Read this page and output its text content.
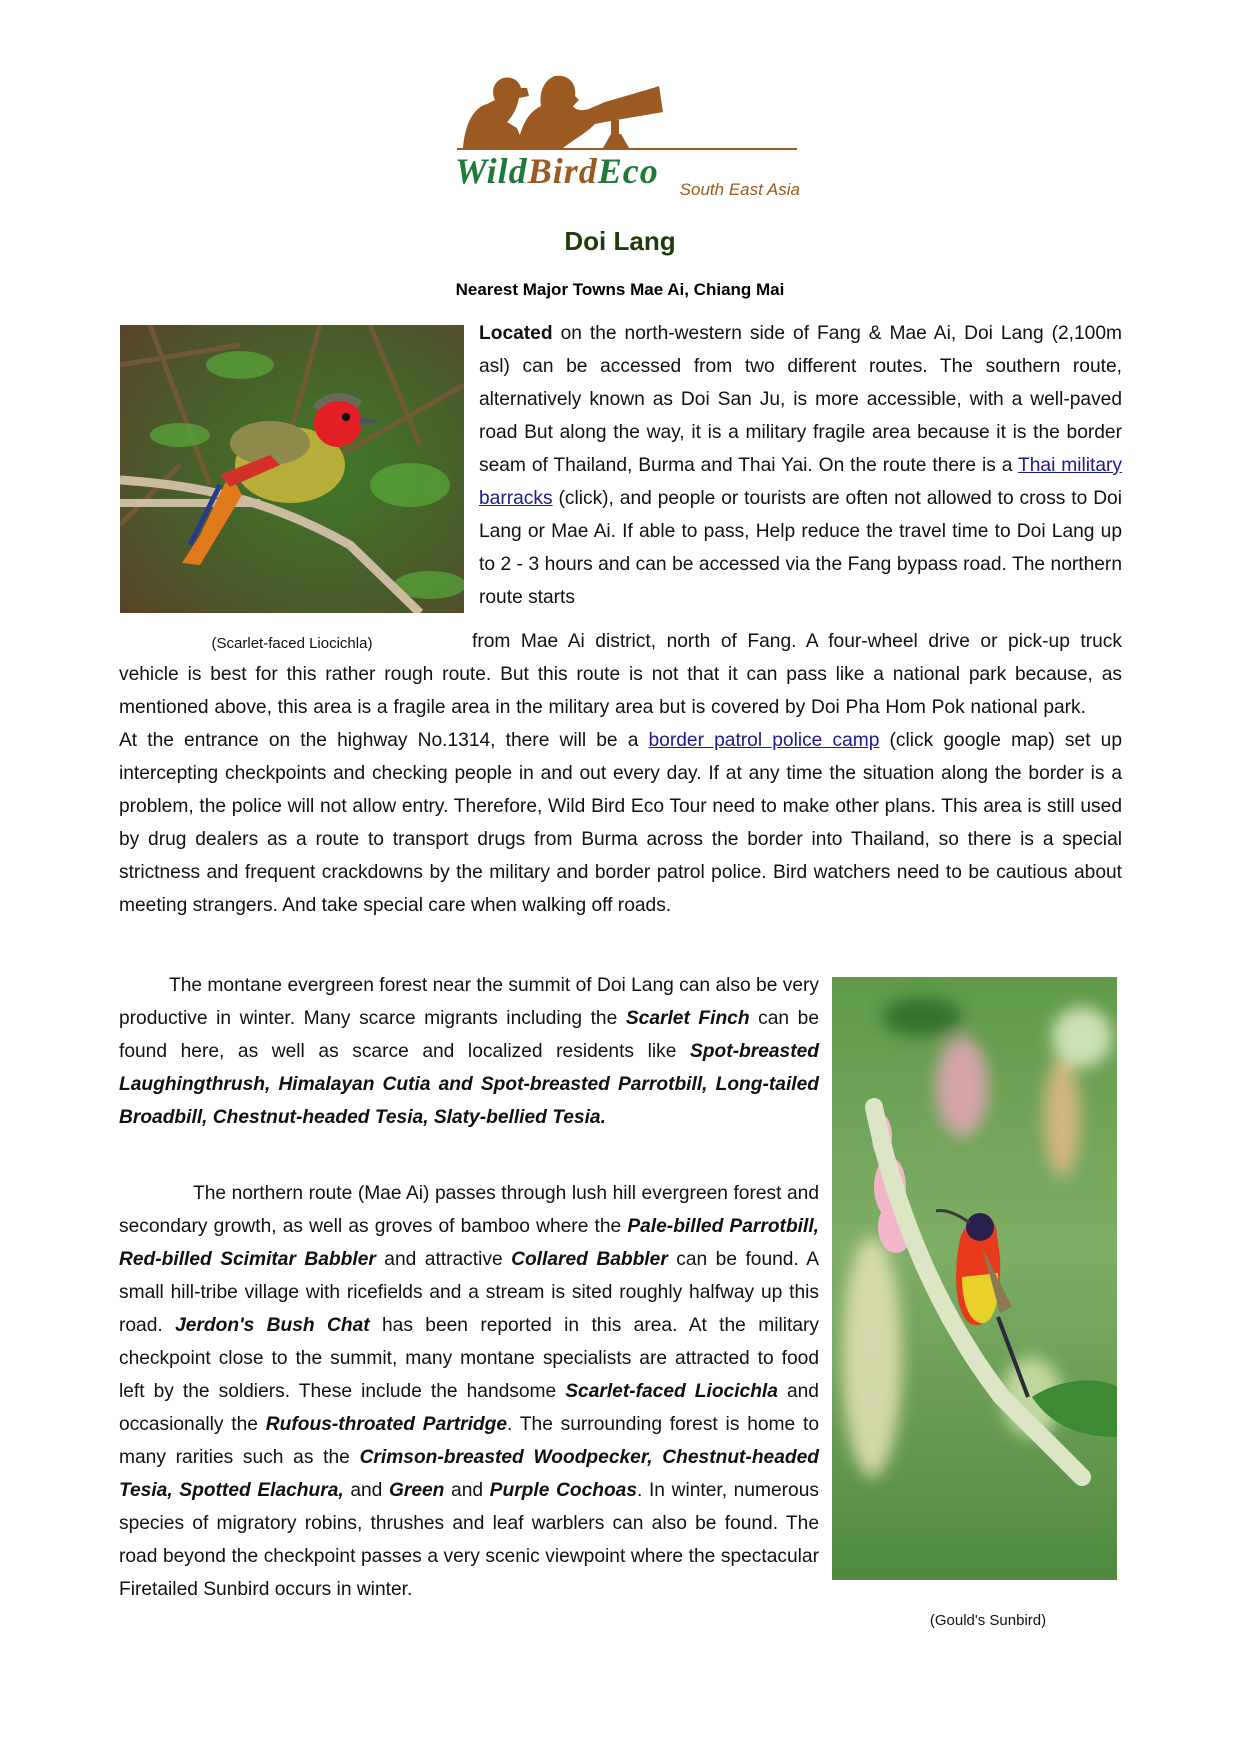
WildBirdEco	South East Asia
Doi Lang
Nearest Major Towns Mae Ai, Chiang Mai
(Scarlet-faced Liocichla)
Located on the north-western side of Fang & Mae Ai, Doi Lang (2,100m asl) can be accessed from two different routes. The southern route, alternatively known as Doi San Ju, is more accessible, with a well-paved road But along the way, it is a military fragile area because it is the border seam of Thailand, Burma and Thai Yai. On the route there is a Thai military barracks (click), and people or tourists are often not allowed to cross to Doi Lang or Mae Ai. If able to pass, Help reduce the travel time to Doi Lang up to 2 - 3 hours and can be accessed via the Fang bypass road. The northern route starts
from Mae Ai district, north of Fang. A four-wheel drive or pick-up truck vehicle is best for this rather rough route. But this route is not that it can pass like a national park because, as mentioned above, this area is a fragile area in the military area but is covered by Doi Pha Hom Pok national park.At the entrance on the highway No.1314, there will be a border patrol police camp (click google map) set up intercepting checkpoints and checking people in and out every day. If at any time the situation along the border is a problem, the police will not allow entry. Therefore, Wild Bird Eco Tour need to make other plans. This area is still used by drug dealers as a route to transport drugs from Burma across the border into Thailand, so there is a special strictness and frequent crackdowns by the military and border patrol police. Bird watchers need to be cautious about meeting strangers. And take special care when walking off roads.
The montane evergreen forest near the summit of Doi Lang can also be very productive in winter. Many scarce migrants including the Scarlet Finch can be found here, as well as scarce and localized residents like Spot-breasted Laughingthrush, Himalayan Cutia and Spot-breasted Parrotbill, Long-tailed Broadbill, Chestnut-headed Tesia, Slaty-bellied Tesia.
The northern route (Mae Ai) passes through lush hill evergreen forest and secondary growth, as well as groves of bamboo where the Pale-billed Parrotbill, Red-billed Scimitar Babbler and attractive Collared Babbler can be found. A small hill-tribe village with ricefields and a stream is sited roughly halfway up this road. Jerdon's Bush Chat has been reported in this area. At the military checkpoint close to the summit, many montane specialists are attracted to food left by the soldiers. These include the handsome Scarlet-faced Liocichla and occasionally the Rufous-throated Partridge. The surrounding forest is home to many rarities such as the Crimson-breasted Woodpecker, Chestnut-headed Tesia, Spotted Elachura, and Green and Purple Cochoas. In winter, numerous species of migratory robins, thrushes and leaf warblers can also be found. The road beyond the checkpoint passes a very scenic viewpoint where the spectacular Firetailed Sunbird occurs in winter.
(Gould's Sunbird)
